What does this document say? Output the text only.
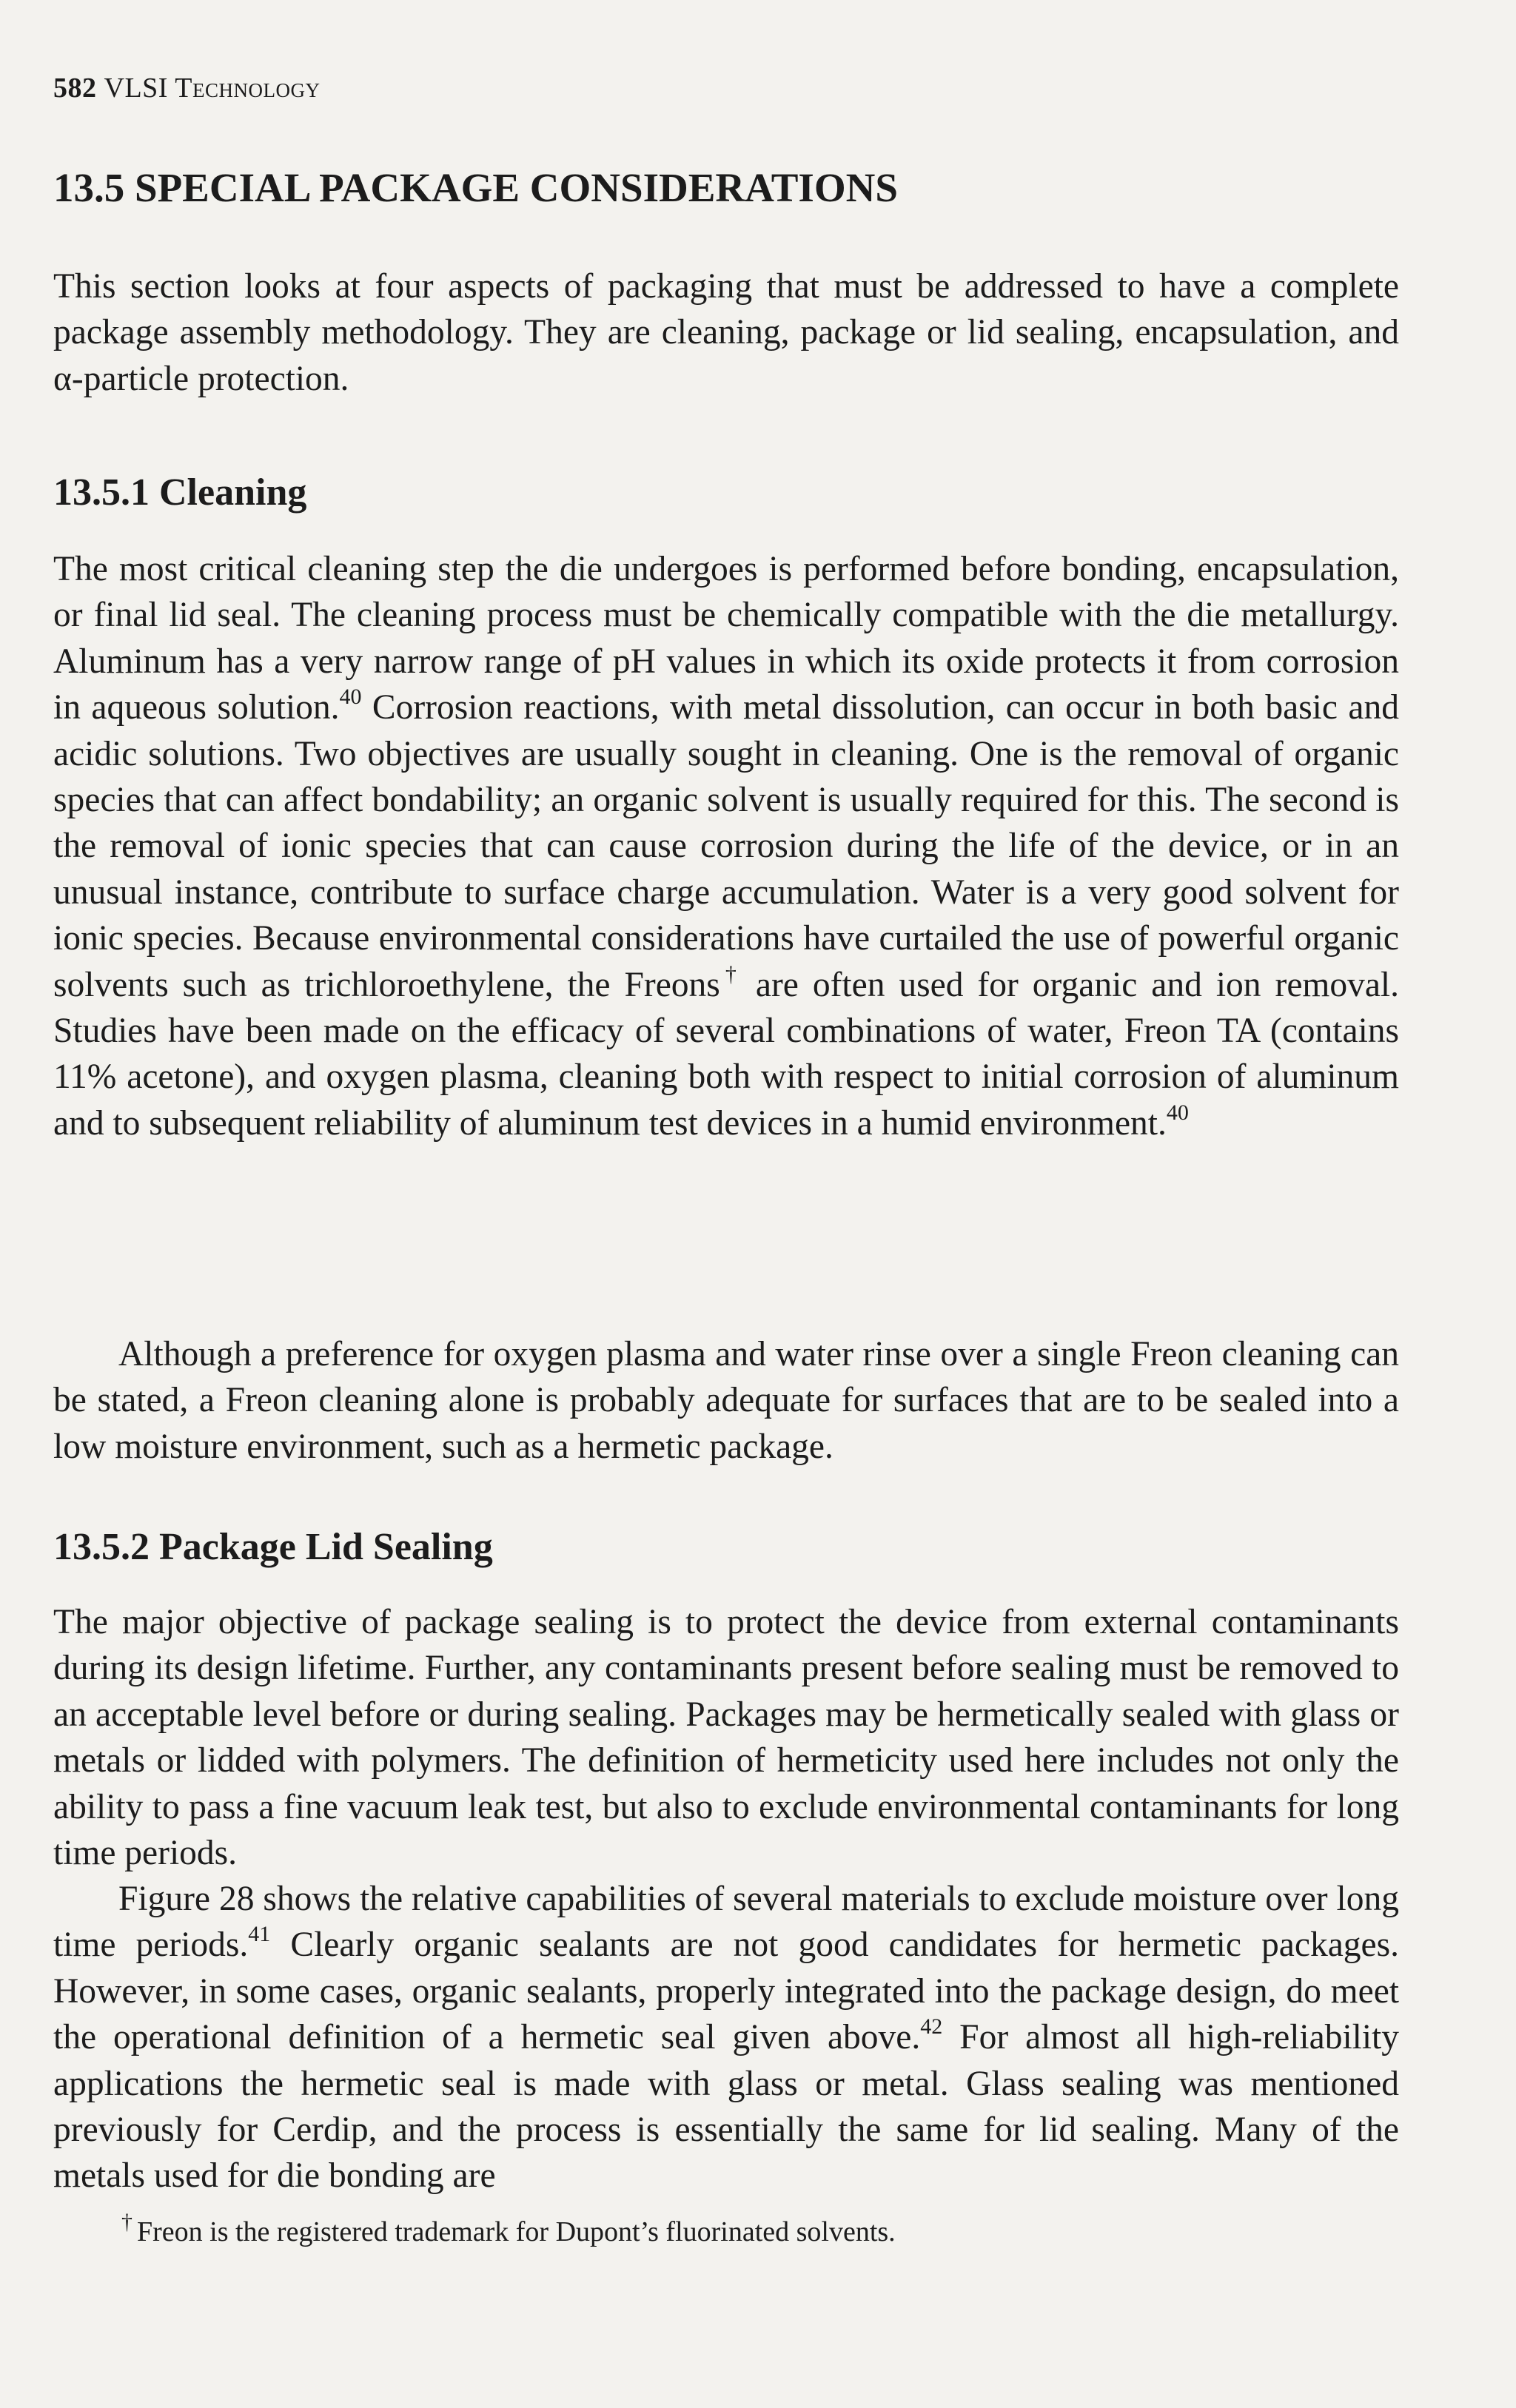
582 VLSI Technology

13.5 SPECIAL PACKAGE CONSIDERATIONS

This section looks at four aspects of packaging that must be addressed to have a complete package assembly methodology. They are cleaning, package or lid sealing, encapsulation, and α-particle protection.

13.5.1 Cleaning

The most critical cleaning step the die undergoes is performed before bonding, encapsulation, or final lid seal. The cleaning process must be chemically compatible with the die metallurgy. Aluminum has a very narrow range of pH values in which its oxide protects it from corrosion in aqueous solution.$^{40}$ Corrosion reactions, with metal dissolution, can occur in both basic and acidic solutions. Two objectives are usually sought in cleaning. One is the removal of organic species that can affect bondability; an organic solvent is usually required for this. The second is the removal of ionic species that can cause corrosion during the life of the device, or in an unusual instance, contribute to surface charge accumulation. Water is a very good solvent for ionic species. Because environmental considerations have curtailed the use of powerful organic solvents such as trichloroethylene, the Freons† are often used for organic and ion removal. Studies have been made on the efficacy of several combinations of water, Freon TA (contains 11% acetone), and oxygen plasma, cleaning both with respect to initial corrosion of aluminum and to subsequent reliability of aluminum test devices in a humid environment.$^{40}$

Although a preference for oxygen plasma and water rinse over a single Freon cleaning can be stated, a Freon cleaning alone is probably adequate for surfaces that are to be sealed into a low moisture environment, such as a hermetic package.

13.5.2 Package Lid Sealing

The major objective of package sealing is to protect the device from external contaminants during its design lifetime. Further, any contaminants present before sealing must be removed to an acceptable level before or during sealing. Packages may be hermetically sealed with glass or metals or lidded with polymers. The definition of hermeticity used here includes not only the ability to pass a fine vacuum leak test, but also to exclude environmental contaminants for long time periods.

Figure 28 shows the relative capabilities of several materials to exclude moisture over long time periods.$^{41}$ Clearly organic sealants are not good candidates for hermetic packages. However, in some cases, organic sealants, properly integrated into the package design, do meet the operational definition of a hermetic seal given above.$^{42}$ For almost all high-reliability applications the hermetic seal is made with glass or metal. Glass sealing was mentioned previously for Cerdip, and the process is essentially the same for lid sealing. Many of the metals used for die bonding are

† Freon is the registered trademark for Dupont’s fluorinated solvents.
